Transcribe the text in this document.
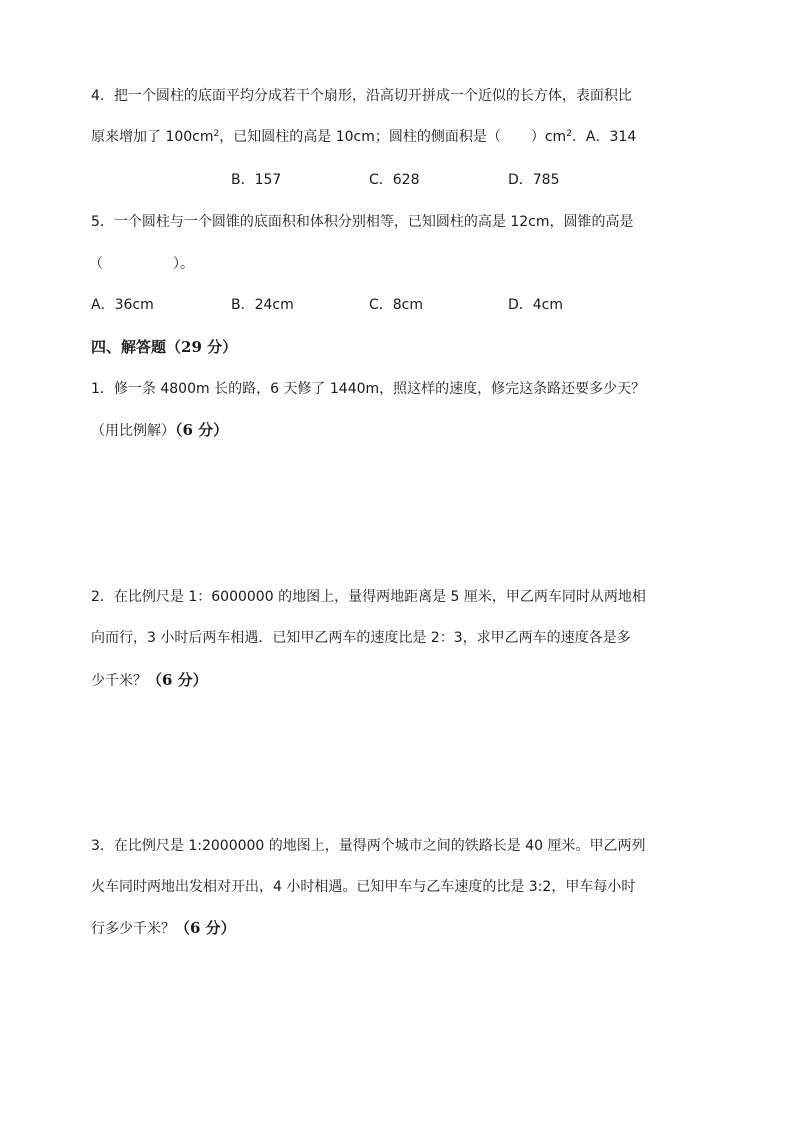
4．把一个圆柱的底面平均分成若干个扇形，沿高切开拼成一个近似的长方体，表面积比
原来增加了 $100cm^2$，已知圆柱的高是 10cm；圆柱的侧面积是（ ）$cm^2$．A．314
B．157	C．628	D．785
5．一个圆柱与一个圆锥的底面积和体积分别相等，已知圆柱的高是 12cm，圆锥的高是
（	）。
A．36cm	B．24cm	C．8cm	D．4cm
四、解答题（29 分）
1．修一条 4800m 长的路，6 天修了 1440m，照这样的速度，修完这条路还要多少天？
（用比例解）（6 分）
2．在比例尺是 1：6000000 的地图上，量得两地距离是 5 厘米，甲乙两车同时从两地相
向而行，3 小时后两车相遇．已知甲乙两车的速度比是 2：3，求甲乙两车的速度各是多
少千米？（6 分）
3．在比例尺是 1:2000000 的地图上，量得两个城市之间的铁路长是 40 厘米。甲乙两列
火车同时两地出发相对开出，4 小时相遇。已知甲车与乙车速度的比是 3:2，甲车每小时
行多少千米？（6 分）
